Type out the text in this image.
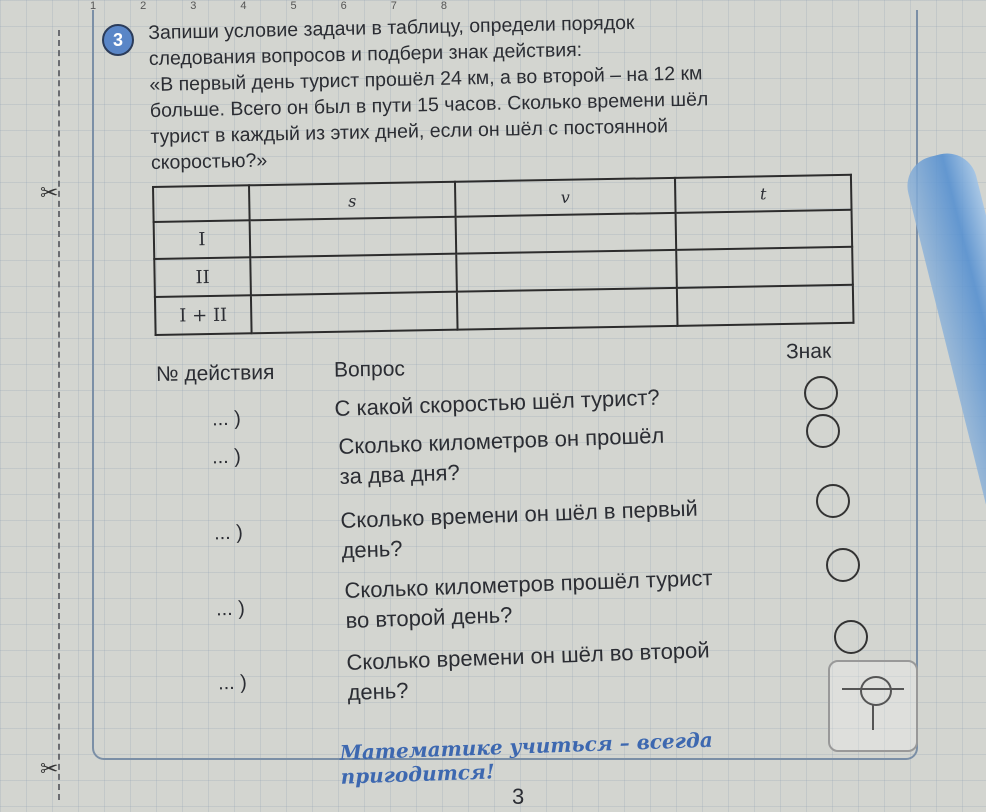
1	2	3	4	5	6	7	8
✂
✂
3	Запиши условие задачи в таблицу, определи порядок

следования вопросов и подбери знак действия:

«В первый день турист прошёл 24 км, а во второй – на 12 км

больше. Всего он был в пути 15 часов. Сколько времени шёл

турист в каждый из этих дней, если он шёл с постоянной

скоростью?»

	s	v	t
I			
II			
I + II			
№ действия	Вопрос
Знак
... )	С какой скоростью шёл турист?
... )	Сколько километров он прошёл
за два дня?
... )
Сколько времени он шёл в первый
день?
... )
Сколько километров прошёл турист
во второй день?
... )
Сколько времени он шёл во второй
день?
Математике учиться – всегда пригодится!
3
